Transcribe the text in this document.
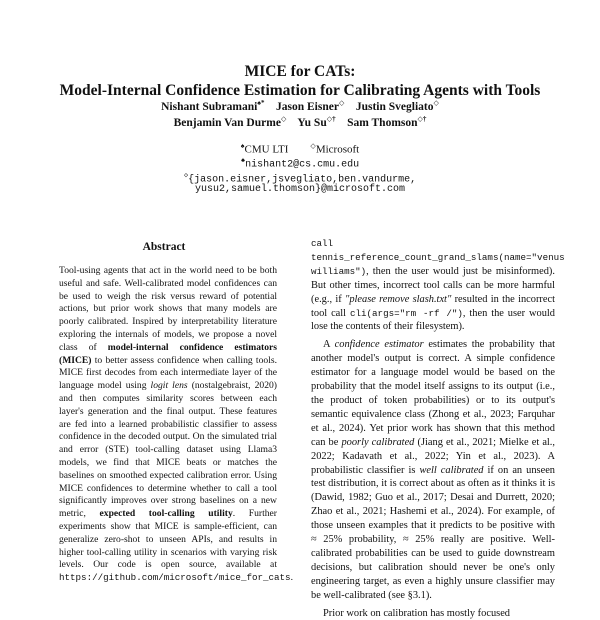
MICE for CATs:
Model-Internal Confidence Estimation for Calibrating Agents with Tools
Nishant Subramani♠* Jason Eisner◇ Justin Svegliato◇
Benjamin Van Durme◇ Yu Su◇† Sam Thomson◇†
♠CMU LTI	◇Microsoft
♠nishant2@cs.cmu.edu
◇{jason.eisner,jsvegliato,ben.vandurme,
yusu2,samuel.thomson}@microsoft.com
Abstract

Tool-using agents that act in the world need to be both useful and safe. Well-calibrated model confidences can be used to weigh the risk versus reward of potential actions, but prior work shows that many models are poorly calibrated. Inspired by interpretability literature exploring the internals of models, we propose a novel class of model-internal confidence estimators (MICE) to better assess confidence when calling tools. MICE first decodes from each intermediate layer of the language model using logit lens (nostalgebraist, 2020) and then computes similarity scores between each layer's generation and the final output. These features are fed into a learned probabilistic classifier to assess confidence in the decoded output. On the simulated trial and error (STE) tool-calling dataset using Llama3 models, we find that MICE beats or matches the baselines on smoothed expected calibration error. Using MICE confidences to determine whether to call a tool significantly improves over strong baselines on a new metric, expected tool-calling utility. Further experiments show that MICE is sample-efficient, can generalize zero-shot to unseen APIs, and results in higher tool-calling utility in scenarios with varying risk levels. Our code is open source, available at https://github.com/microsoft/mice_for_cats.

call tennis_reference_count_grand_slams(name="venus williams"), then the user would just be misinformed). But other times, incorrect tool calls can be more harmful (e.g., if "please remove slash.txt" resulted in the incorrect tool call cli(args="rm -rf /"), then the user would lose the contents of their filesystem).

A confidence estimator estimates the probability that another model's output is correct. A simple confidence estimator for a language model would be based on the probability that the model itself assigns to its output (i.e., the product of token probabilities) or to its output's semantic equivalence class (Zhong et al., 2023; Farquhar et al., 2024). Yet prior work has shown that this method can be poorly calibrated (Jiang et al., 2021; Mielke et al., 2022; Kadavath et al., 2022; Yin et al., 2023). A probabilistic classifier is well calibrated if on an unseen test distribution, it is correct about as often as it thinks it is (Dawid, 1982; Guo et al., 2017; Desai and Durrett, 2020; Zhao et al., 2021; Hashemi et al., 2024). For example, of those unseen examples that it predicts to be positive with ≈ 25% probability, ≈ 25% really are positive. Well-calibrated probabilities can be used to guide downstream decisions, but calibration should never be one's only engineering target, as even a highly unsure classifier may be well-calibrated (see §3.1).

Prior work on calibration has mostly focused
